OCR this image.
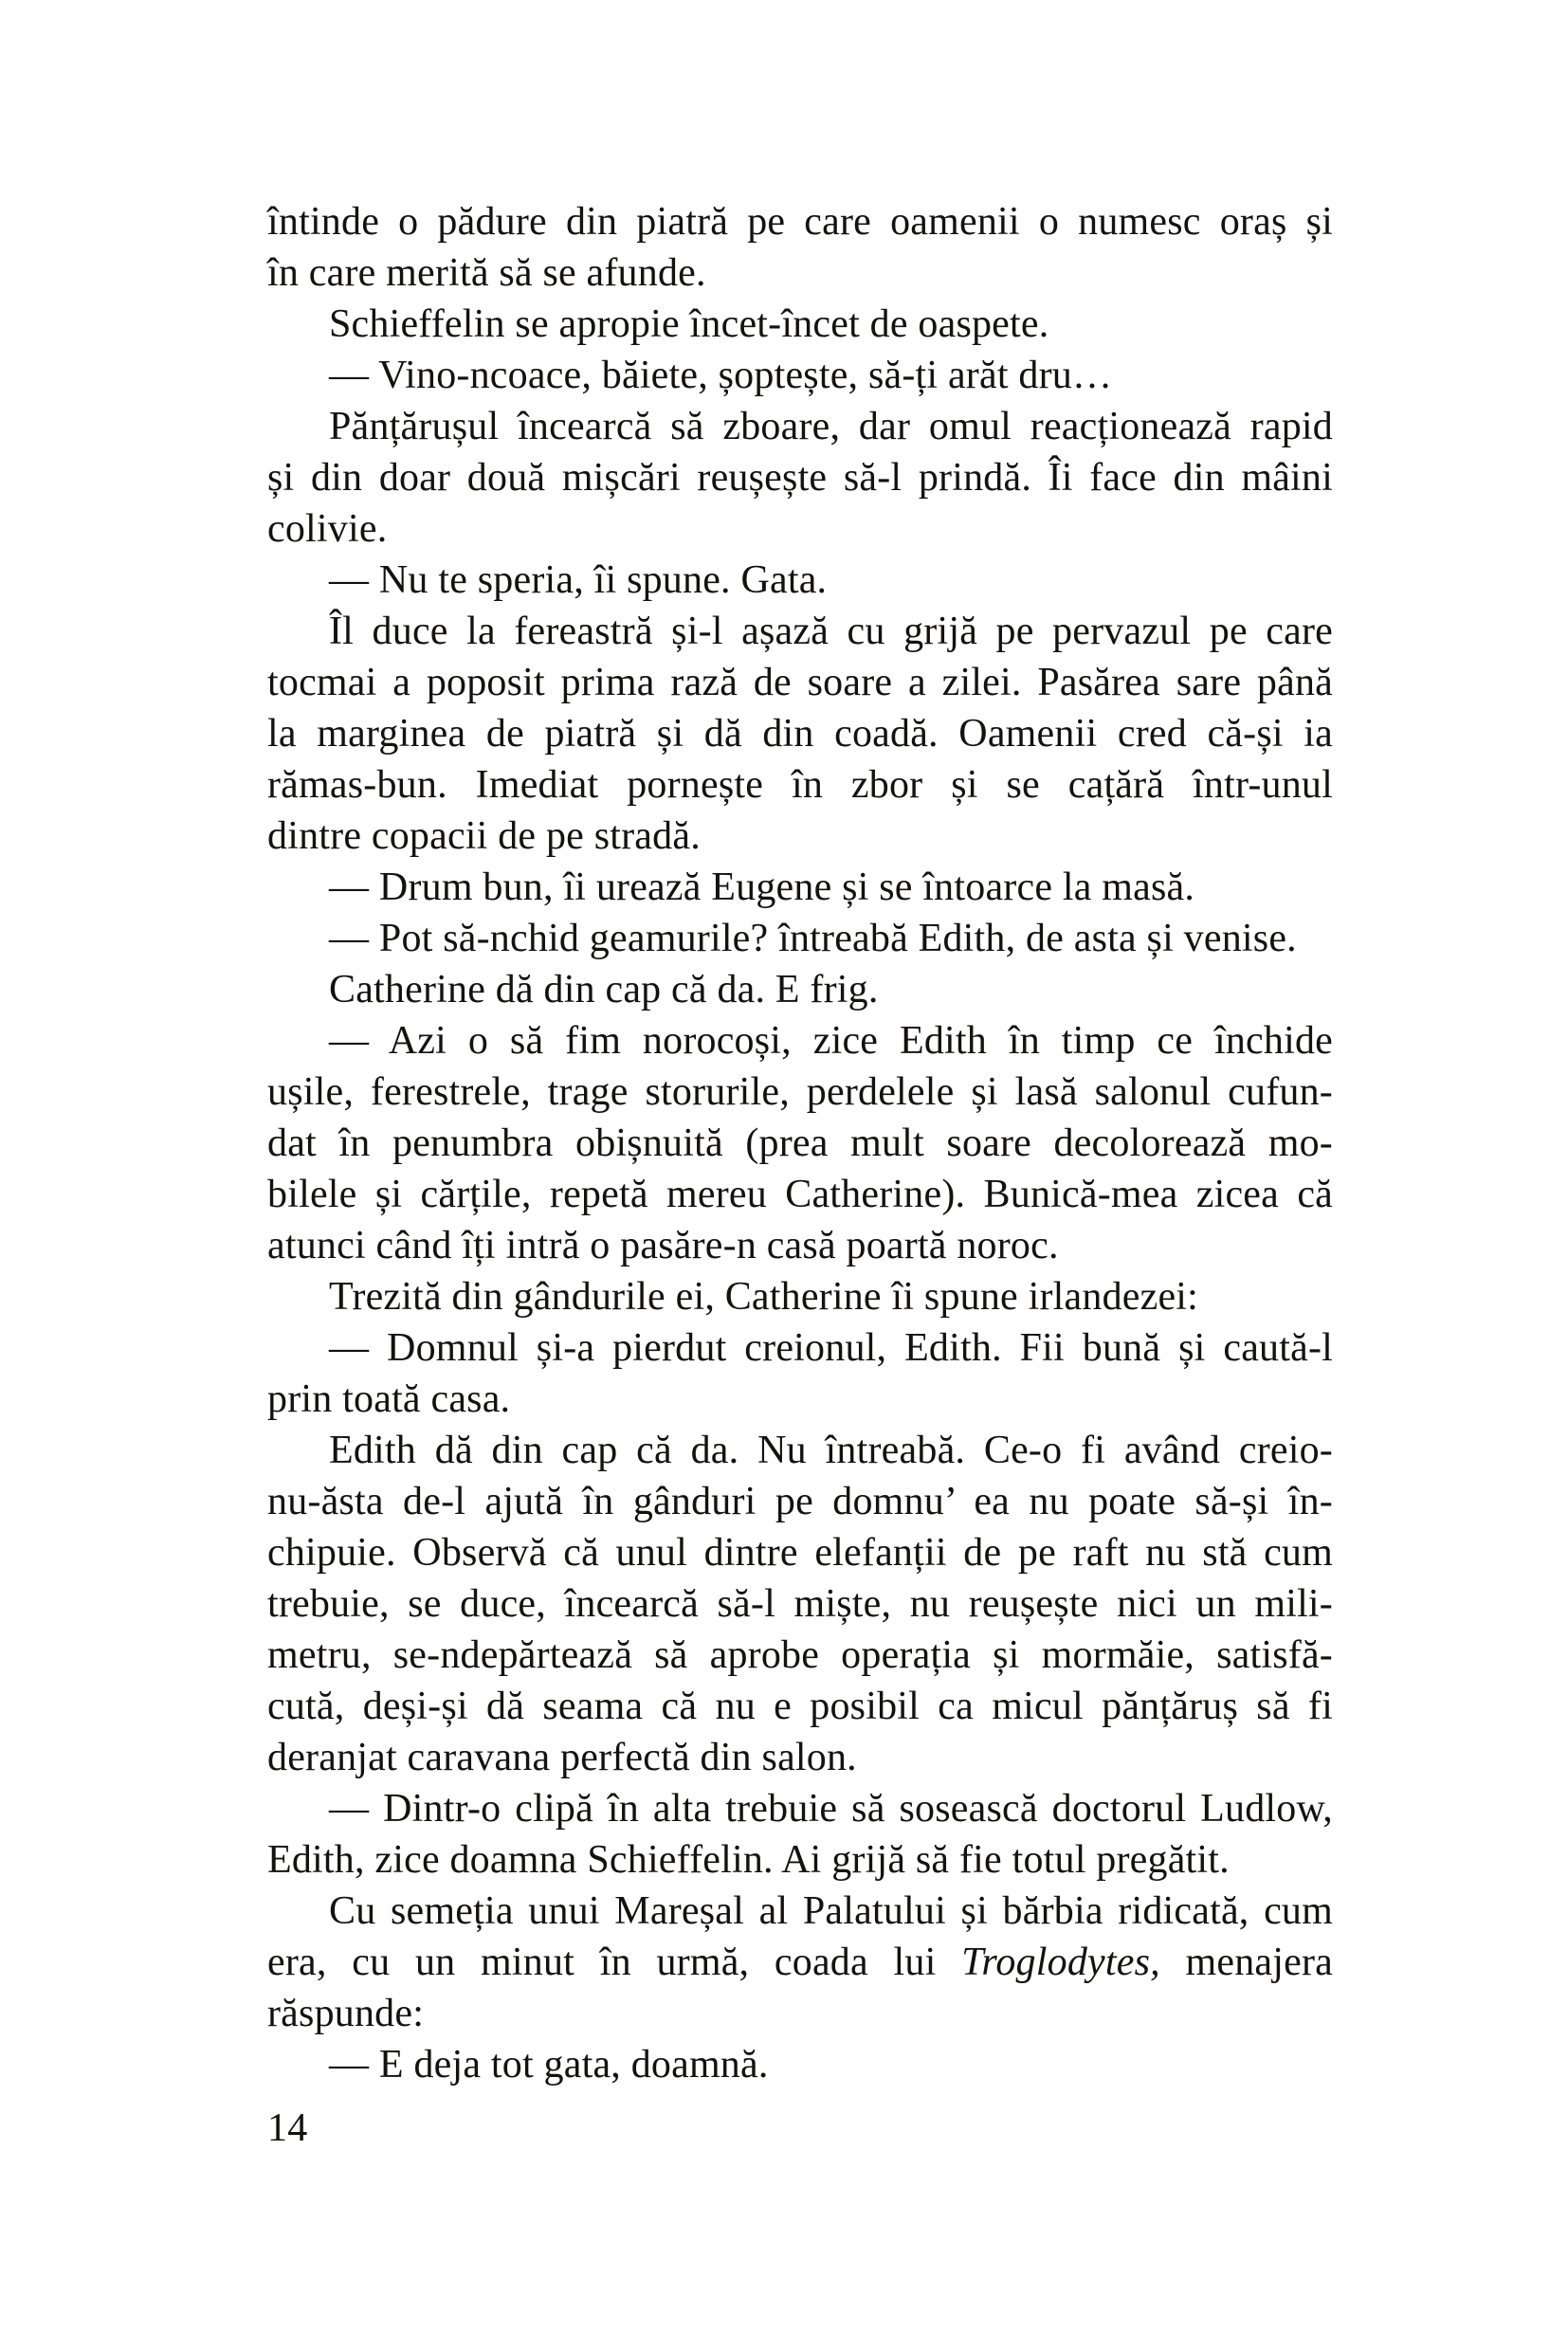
întinde o pădure din piatră pe care oamenii o numesc oraș și
în care merită să se afunde.
Schieffelin se apropie încet-încet de oaspete.
— Vino-ncoace, băiete, șoptește, să-ți arăt dru…
Pănțărușul încearcă să zboare, dar omul reacționează rapid
și din doar două mișcări reușește să-l prindă. Îi face din mâini
colivie.
— Nu te speria, îi spune. Gata.
Îl duce la fereastră și-l așază cu grijă pe pervazul pe care
tocmai a poposit prima rază de soare a zilei. Pasărea sare până
la marginea de piatră și dă din coadă. Oamenii cred că-și ia
rămas-bun. Imediat pornește în zbor și se cațără într-unul
dintre copacii de pe stradă.
— Drum bun, îi urează Eugene și se întoarce la masă.
— Pot să-nchid geamurile? întreabă Edith, de asta și venise.
Catherine dă din cap că da. E frig.
— Azi o să fim norocoși, zice Edith în timp ce închide
ușile, ferestrele, trage storurile, perdelele și lasă salonul cufun-
dat în penumbra obișnuită (prea mult soare decolorează mo-
bilele și cărțile, repetă mereu Catherine). Bunică-mea zicea că
atunci când îți intră o pasăre-n casă poartă noroc.
Trezită din gândurile ei, Catherine îi spune irlandezei:
— Domnul și-a pierdut creionul, Edith. Fii bună și caută-l
prin toată casa.
Edith dă din cap că da. Nu întreabă. Ce-o fi având creio-
nu-ăsta de-l ajută în gânduri pe domnu’ ea nu poate să-și în-
chipuie. Observă că unul dintre elefanții de pe raft nu stă cum
trebuie, se duce, încearcă să-l miște, nu reușește nici un mili-
metru, se-ndepărtează să aprobe operația și mormăie, satisfă-
cută, deși-și dă seama că nu e posibil ca micul pănțăruș să fi
deranjat caravana perfectă din salon.
— Dintr-o clipă în alta trebuie să sosească doctorul Ludlow,
Edith, zice doamna Schieffelin. Ai grijă să fie totul pregătit.
Cu semeția unui Mareșal al Palatului și bărbia ridicată, cum
era, cu un minut în urmă, coada lui Troglodytes, menajera
răspunde:
— E deja tot gata, doamnă.
14
